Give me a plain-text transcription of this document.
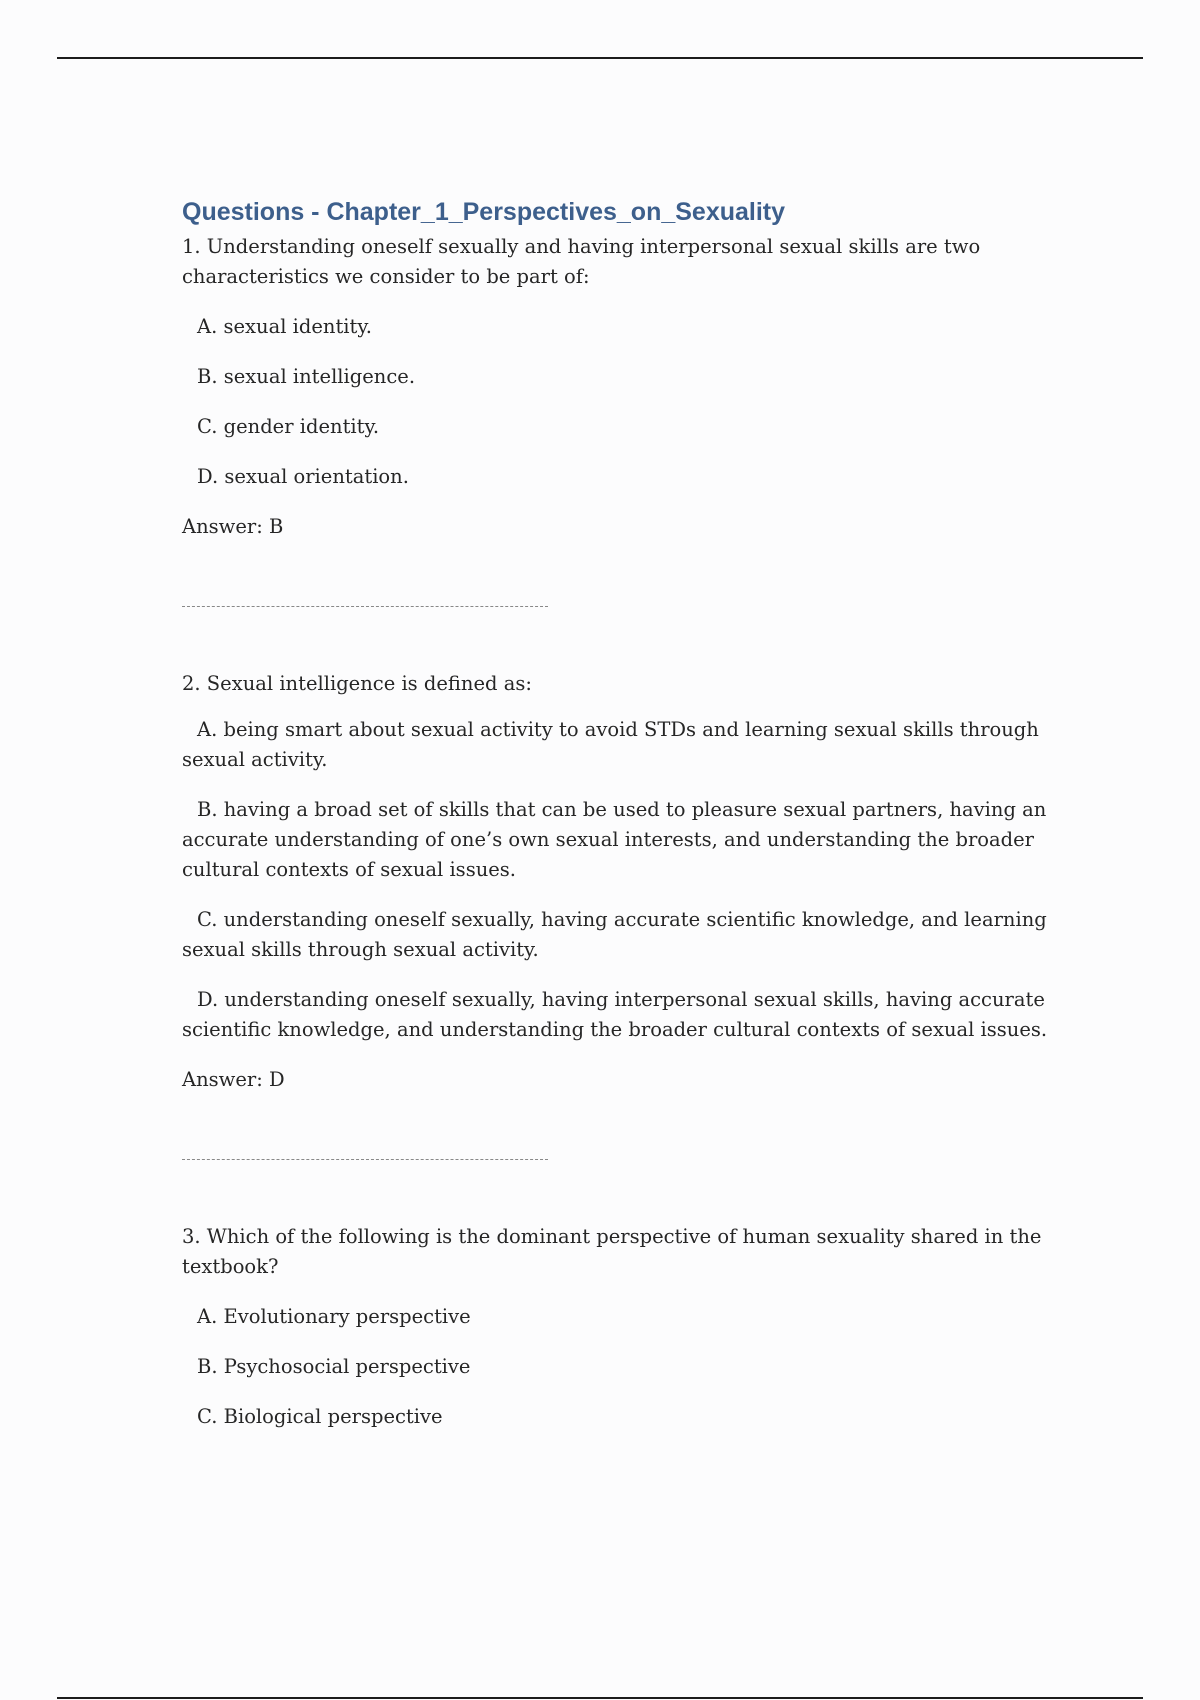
Questions - Chapter_1_Perspectives_on_Sexuality

1. Understanding oneself sexually and having interpersonal sexual skills are two characteristics we consider to be part of:

A. sexual identity.

B. sexual intelligence.

C. gender identity.

D. sexual orientation.

Answer: B

2. Sexual intelligence is defined as:

A. being smart about sexual activity to avoid STDs and learning sexual skills through sexual activity.

B. having a broad set of skills that can be used to pleasure sexual partners, having an accurate understanding of one’s own sexual interests, and understanding the broader cultural contexts of sexual issues.

C. understanding oneself sexually, having accurate scientific knowledge, and learning sexual skills through sexual activity.

D. understanding oneself sexually, having interpersonal sexual skills, having accurate scientific knowledge, and understanding the broader cultural contexts of sexual issues.

Answer: D

3. Which of the following is the dominant perspective of human sexuality shared in the textbook?

A. Evolutionary perspective

B. Psychosocial perspective

C. Biological perspective
